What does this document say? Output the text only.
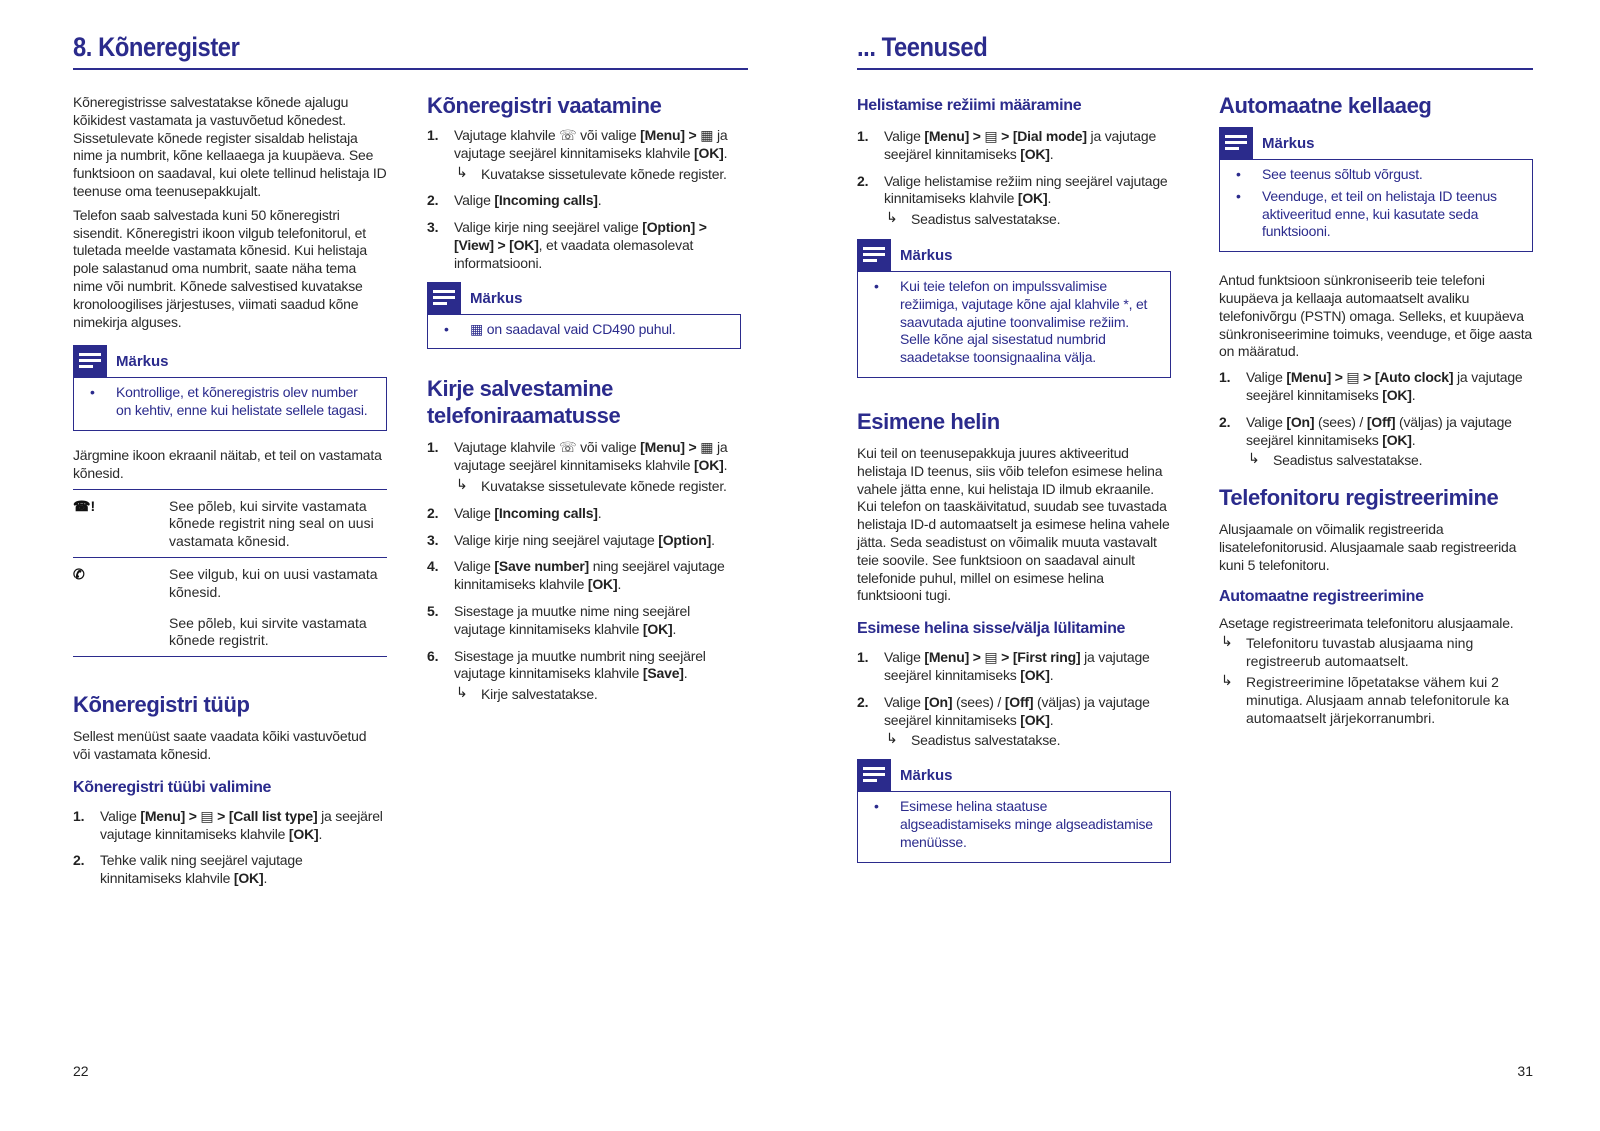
8. Kõneregister

Kõneregistrisse salvestatakse kõnede ajalugu kõikidest vastamata ja vastuvõetud kõnedest. Sissetulevate kõnede register sisaldab helistaja nime ja numbrit, kõne kellaaega ja kuupäeva. See funktsioon on saadaval, kui olete tellinud helistaja ID teenuse oma teenusepakkujalt.

Telefon saab salvestada kuni 50 kõneregistri sisendit. Kõneregistri ikoon vilgub telefonitorul, et tuletada meelde vastamata kõnesid. Kui helistaja pole salastanud oma numbrit, saate näha tema nime või numbrit. Kõnede salvestised kuvatakse kronoloogilises järjestuses, viimati saadud kõne nimekirja alguses.

Märkus
• Kontrollige, et kõneregistris olev number on kehtiv, enne kui helistate sellele tagasi.

Järgmine ikoon ekraanil näitab, et teil on vastamata kõnesid.

☎!	See põleb, kui sirvite vastamata kõnede registrit ning seal on uusi vastamata kõnesid.
✆	See vilgub, kui on uusi vastamata kõnesid.
See põleb, kui sirvite vastamata kõnede registrit.
Kõneregistri tüüp

Sellest menüüst saate vaadata kõiki vastuvõetud või vastamata kõnesid.

Kõneregistri tüübi valimine
1. Valige [Menu] > ▤ > [Call list type] ja seejärel vajutage kinnitamiseks klahvile [OK].
2. Tehke valik ning seejärel vajutage kinnitamiseks klahvile [OK].
Kõneregistri vaatamine
1. Vajutage klahvile ☏ või valige [Menu] > ▦ ja vajutage seejärel kinnitamiseks klahvile [OK].
↳ Kuvatakse sissetulevate kõnede register.
2. Valige [Incoming calls].
3. Valige kirje ning seejärel valige [Option] > [View] > [OK], et vaadata olemasolevat informatsiooni.
Märkus
• ▦ on saadaval vaid CD490 puhul.
Kirje salvestamine telefoniraamatusse
1. Vajutage klahvile ☏ või valige [Menu] > ▦ ja vajutage seejärel kinnitamiseks klahvile [OK].
↳ Kuvatakse sissetulevate kõnede register.
2. Valige [Incoming calls].
3. Valige kirje ning seejärel vajutage [Option].
4. Valige [Save number] ning seejärel vajutage kinnitamiseks klahvile [OK].
5. Sisestage ja muutke nime ning seejärel vajutage kinnitamiseks klahvile [OK].
6. Sisestage ja muutke numbrit ning seejärel vajutage kinnitamiseks klahvile [Save].
↳ Kirje salvestatakse.
22
... Teenused
Helistamise režiimi määramine
1. Valige [Menu] > ▤ > [Dial mode] ja vajutage seejärel kinnitamiseks [OK].
2. Valige helistamise režiim ning seejärel vajutage kinnitamiseks klahvile [OK].
↳ Seadistus salvestatakse.
Märkus
• Kui teie telefon on impulssvalimise režiimiga, vajutage kõne ajal klahvile *, et saavutada ajutine toonvalimise režiim. Selle kõne ajal sisestatud numbrid saadetakse toonsignaalina välja.
Esimene helin

Kui teil on teenusepakkuja juures aktiveeritud helistaja ID teenus, siis võib telefon esimese helina vahele jätta enne, kui helistaja ID ilmub ekraanile. Kui telefon on taaskäivitatud, suudab see tuvastada helistaja ID-d automaatselt ja esimese helina vahele jätta. Seda seadistust on võimalik muuta vastavalt teie soovile. See funktsioon on saadaval ainult telefonide puhul, millel on esimese helina funktsiooni tugi.

Esimese helina sisse/välja lülitamine
1. Valige [Menu] > ▤ > [First ring] ja vajutage seejärel kinnitamiseks [OK].
2. Valige [On] (sees) / [Off] (väljas) ja vajutage seejärel kinnitamiseks [OK].
↳ Seadistus salvestatakse.
Märkus
• Esimese helina staatuse algseadistamiseks minge algseadistamise menüüsse.
Automaatne kellaaeg
Märkus
• See teenus sõltub võrgust.
• Veenduge, et teil on helistaja ID teenus aktiveeritud enne, kui kasutate seda funktsiooni.

Antud funktsioon sünkroniseerib teie telefoni kuupäeva ja kellaaja automaatselt avaliku telefonivõrgu (PSTN) omaga. Selleks, et kuupäeva sünkroniseerimine toimuks, veenduge, et õige aasta on määratud.

1. Valige [Menu] > ▤ > [Auto clock] ja vajutage seejärel kinnitamiseks [OK].
2. Valige [On] (sees) / [Off] (väljas) ja vajutage seejärel kinnitamiseks [OK].
↳ Seadistus salvestatakse.
Telefonitoru registreerimine

Alusjaamale on võimalik registreerida lisatelefonitorusid. Alusjaamale saab registreerida kuni 5 telefonitoru.

Automaatne registreerimine

Asetage registreerimata telefonitoru alusjaamale.

↳ Telefonitoru tuvastab alusjaama ning registreerub automaatselt.
↳ Registreerimine lõpetatakse vähem kui 2 minutiga. Alusjaam annab telefonitorule ka automaatselt järjekorranumbri.
31
